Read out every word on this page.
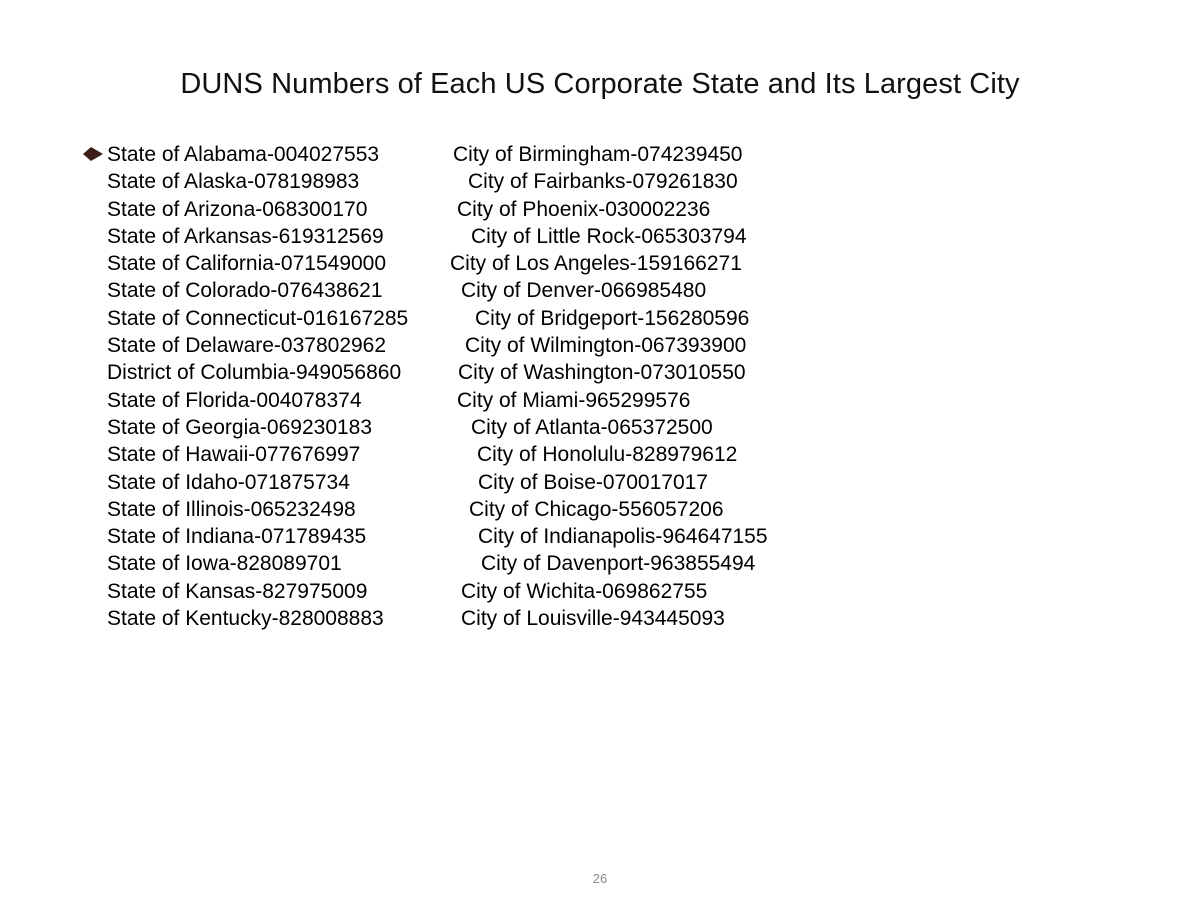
DUNS Numbers of Each US Corporate State and Its Largest City
State of Alabama-004027553	City of Birmingham-074239450
State of Alaska-078198983	City of Fairbanks-079261830
State of Arizona-068300170	City of Phoenix-030002236
State of Arkansas-619312569	City of Little Rock-065303794
State of California-071549000	City of Los Angeles-159166271
State of Colorado-076438621	City of Denver-066985480
State of Connecticut-016167285	City of Bridgeport-156280596
State of Delaware-037802962	City of Wilmington-067393900
District of Columbia-949056860	City of Washington-073010550
State of Florida-004078374	City of Miami-965299576
State of Georgia-069230183	City of Atlanta-065372500
State of Hawaii-077676997	City of Honolulu-828979612
State of Idaho-071875734	City of Boise-070017017
State of Illinois-065232498	City of Chicago-556057206
State of Indiana-071789435	City of Indianapolis-964647155
State of Iowa-828089701	City of Davenport-963855494
State of Kansas-827975009	City of Wichita-069862755
State of Kentucky-828008883	City of Louisville-943445093
26
